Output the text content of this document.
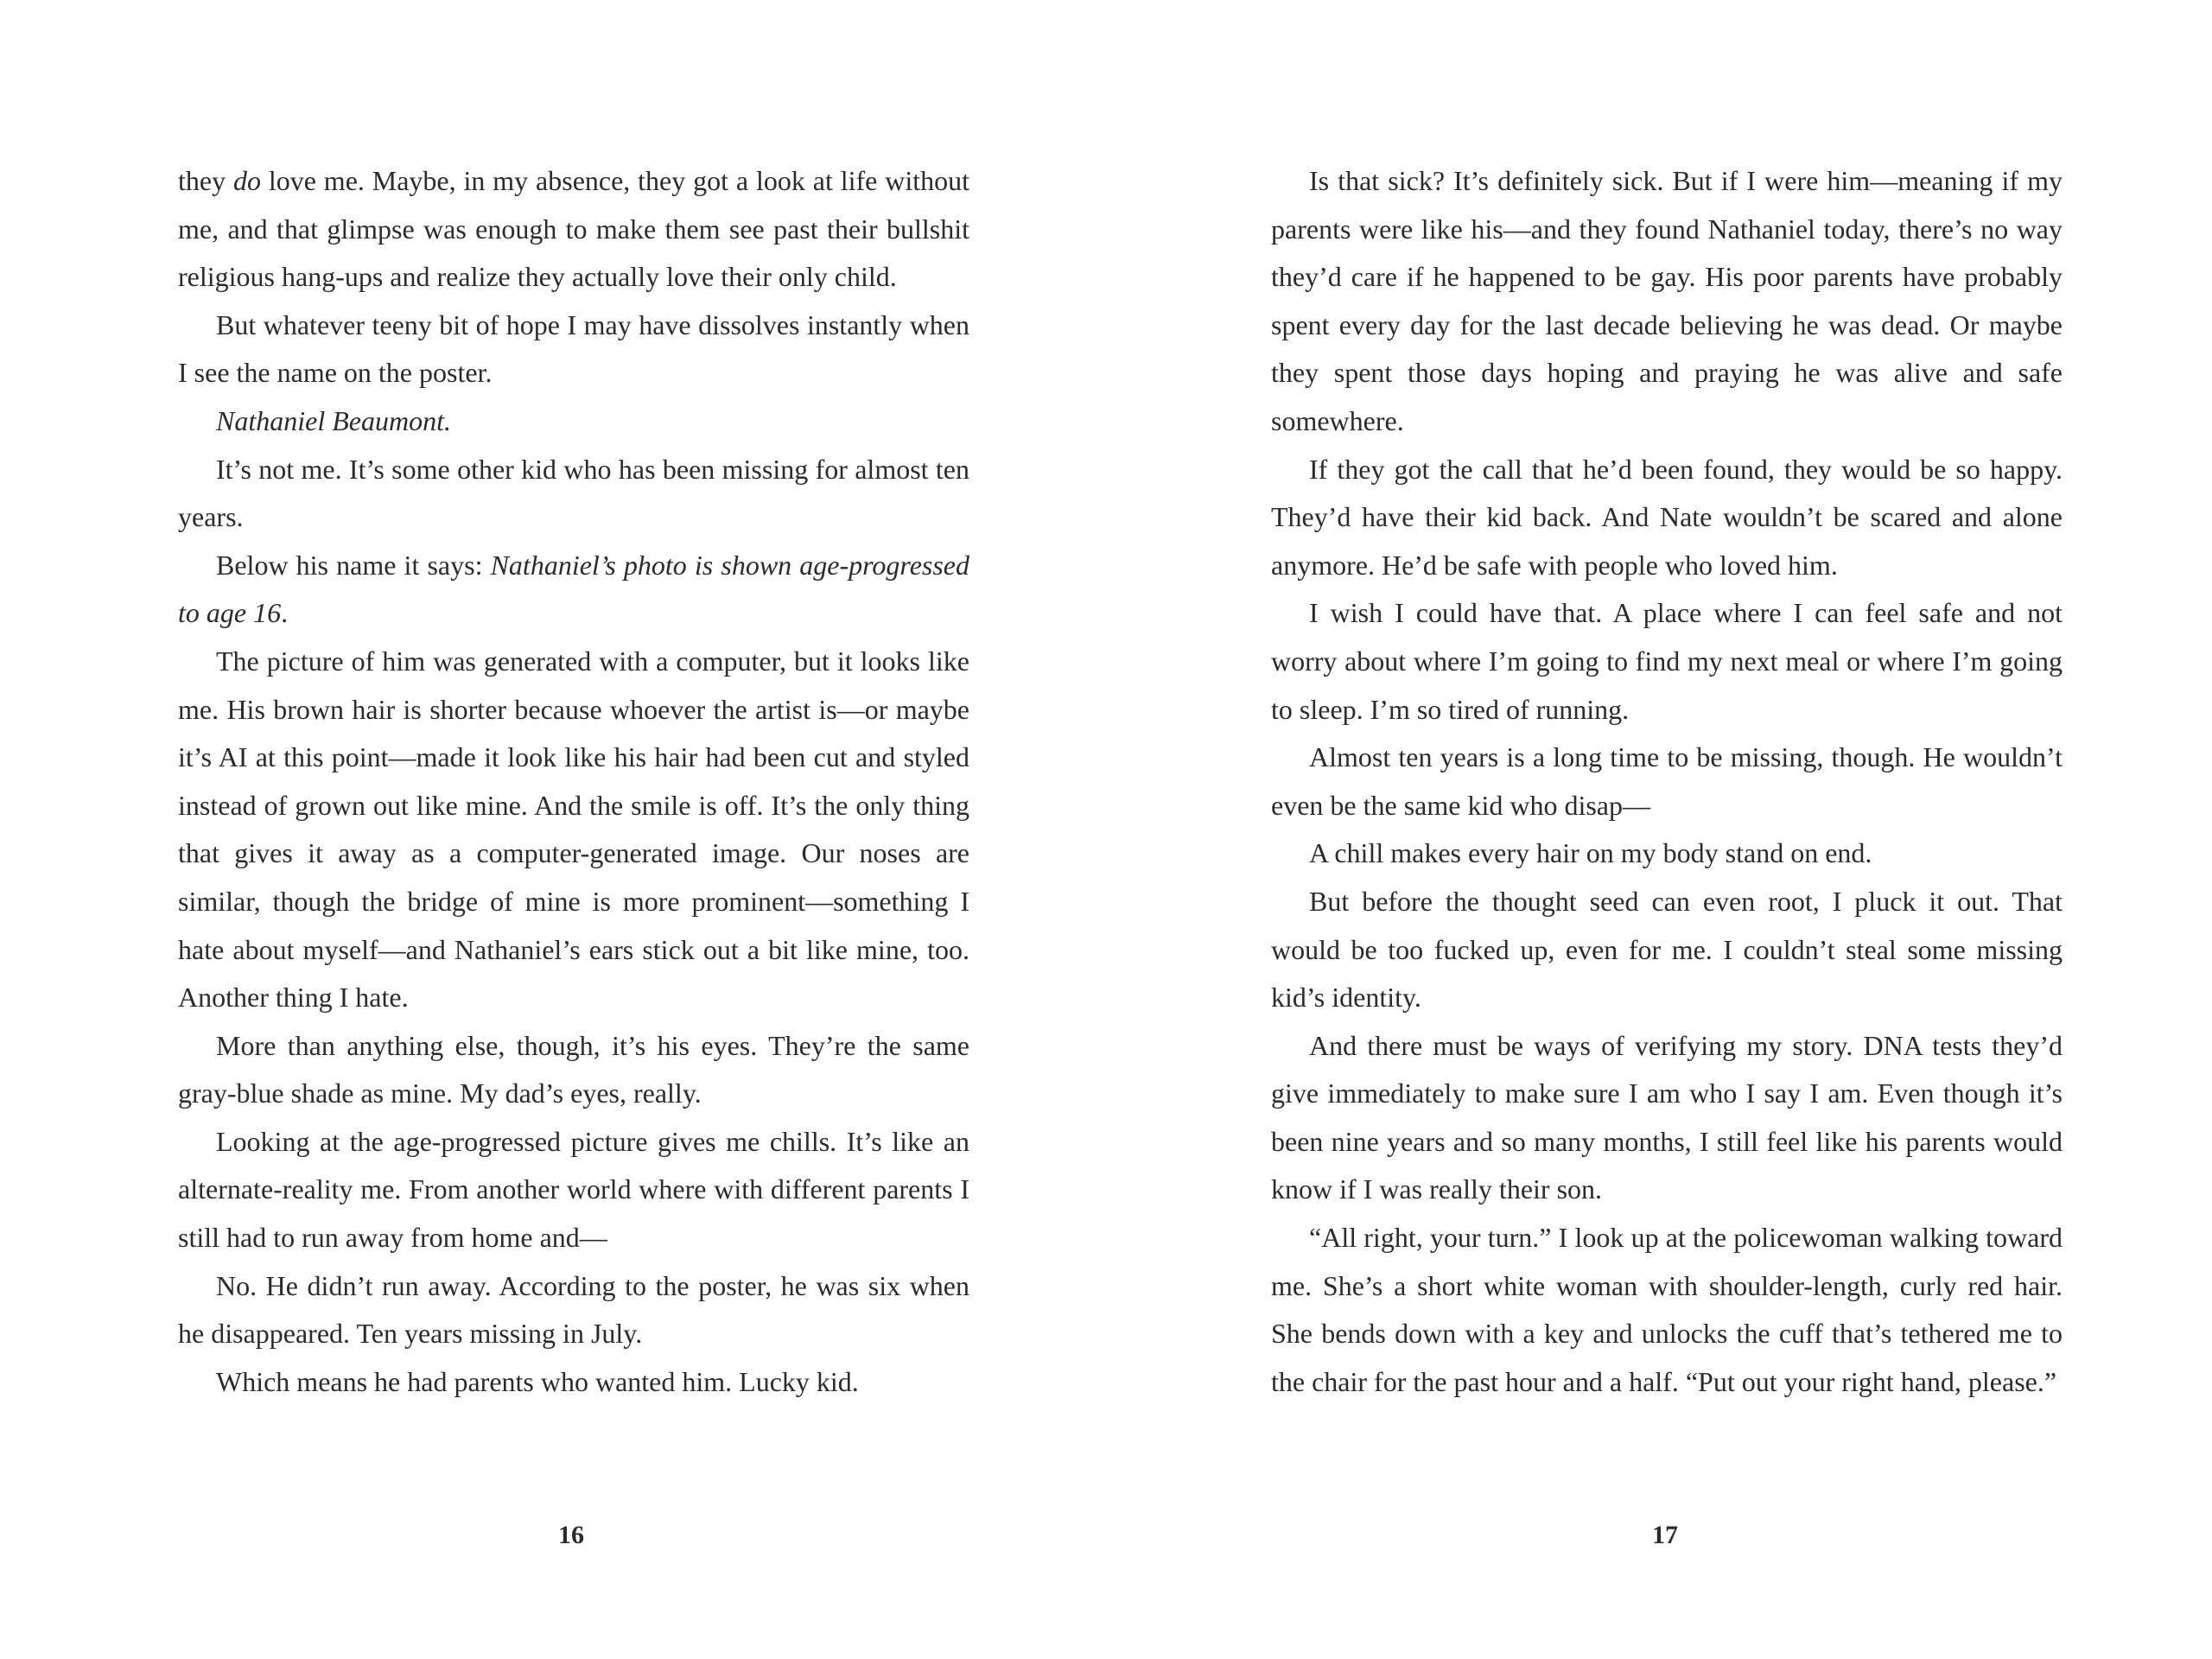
they do love me. Maybe, in my absence, they got a look at life without me, and that glimpse was enough to make them see past their bullshit religious hang-ups and realize they actually love their only child.

But whatever teeny bit of hope I may have dissolves instantly when I see the name on the poster.

Nathaniel Beaumont.

It’s not me. It’s some other kid who has been missing for almost ten years.

Below his name it says: Nathaniel’s photo is shown age-progressed to age 16.

The picture of him was generated with a computer, but it looks like me. His brown hair is shorter because whoever the artist is—or maybe it’s AI at this point—made it look like his hair had been cut and styled instead of grown out like mine. And the smile is off. It’s the only thing that gives it away as a computer-generated image. Our noses are similar, though the bridge of mine is more prominent—something I hate about myself—and Nathaniel’s ears stick out a bit like mine, too. Another thing I hate.

More than anything else, though, it’s his eyes. They’re the same gray-blue shade as mine. My dad’s eyes, really.

Looking at the age-progressed picture gives me chills. It’s like an alternate-reality me. From another world where with different parents I still had to run away from home and—

No. He didn’t run away. According to the poster, he was six when he disappeared. Ten years missing in July.

Which means he had parents who wanted him. Lucky kid.

16

Is that sick? It’s definitely sick. But if I were him—meaning if my parents were like his—and they found Nathaniel today, there’s no way they’d care if he happened to be gay. His poor parents have probably spent every day for the last decade believing he was dead. Or maybe they spent those days hoping and praying he was alive and safe somewhere.

If they got the call that he’d been found, they would be so happy. They’d have their kid back. And Nate wouldn’t be scared and alone anymore. He’d be safe with people who loved him.

I wish I could have that. A place where I can feel safe and not worry about where I’m going to find my next meal or where I’m going to sleep. I’m so tired of running.

Almost ten years is a long time to be missing, though. He wouldn’t even be the same kid who disap—

A chill makes every hair on my body stand on end.

But before the thought seed can even root, I pluck it out. That would be too fucked up, even for me. I couldn’t steal some missing kid’s identity.

And there must be ways of verifying my story. DNA tests they’d give immediately to make sure I am who I say I am. Even though it’s been nine years and so many months, I still feel like his parents would know if I was really their son.

“All right, your turn.” I look up at the policewoman walking toward me. She’s a short white woman with shoulder-length, curly red hair. She bends down with a key and unlocks the cuff that’s tethered me to the chair for the past hour and a half. “Put out your right hand, please.”

17
